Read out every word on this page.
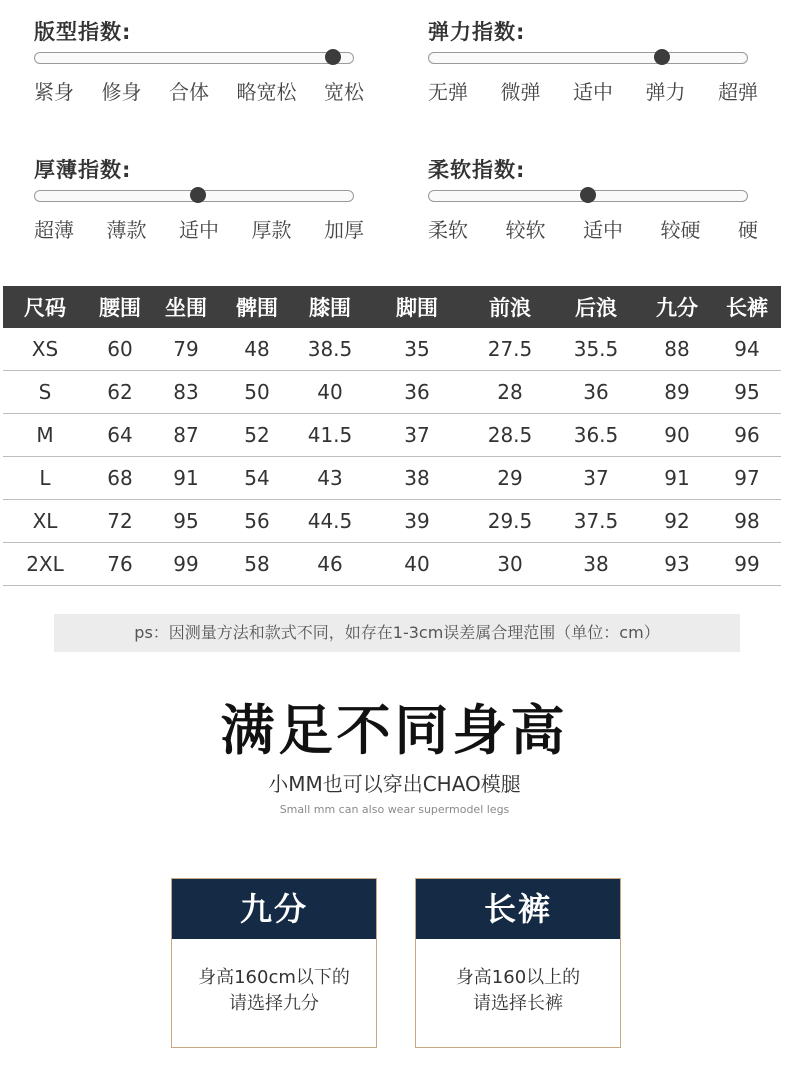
版型指数:
紧身 修身 合体 略宽松 宽松
弹力指数:
无弹 微弹 适中 弹力 超弹
厚薄指数:
超薄 薄款 适中 厚款 加厚
柔软指数:
柔软 较软 适中 较硬 硬
尺码	腰围	坐围	髀围	膝围	脚围	前浪	后浪	九分	长裤
XS	60	79	48	38.5	35	27.5	35.5	88	94
S	62	83	50	40	36	28	36	89	95
M	64	87	52	41.5	37	28.5	36.5	90	96
L	68	91	54	43	38	29	37	91	97
XL	72	95	56	44.5	39	29.5	37.5	92	98
2XL	76	99	58	46	40	30	38	93	99
ps：因测量方法和款式不同，如存在1-3cm误差属合理范围（单位：cm）
满足不同身高
小MM也可以穿出CHAO模腿
Small mm can also wear supermodel legs
九分
身高160cm以下的
请选择九分
长裤
身高160以上的
请选择长裤
